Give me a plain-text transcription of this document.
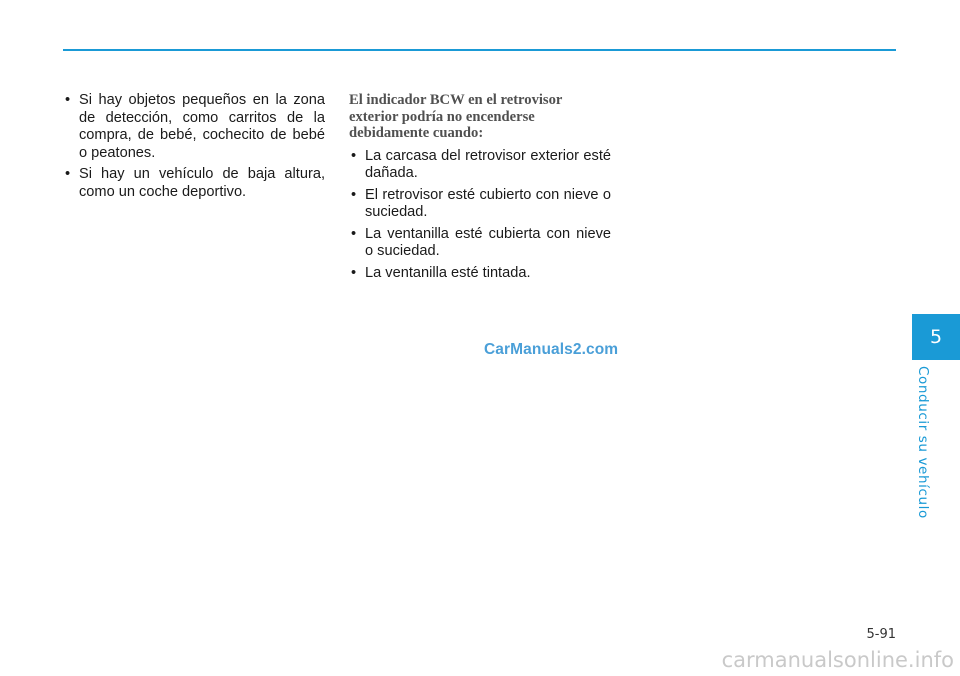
• Si hay objetos pequeños en la zona de detección, como carritos de la compra, de bebé, cochecito de bebé o peatones.
• Si hay un vehículo de baja altura, como un coche deportivo.
El indicador BCW en el retrovisor exterior podría no encenderse debidamente cuando:
• La carcasa del retrovisor exterior esté dañada.
• El retrovisor esté cubierto con nieve o suciedad.
• La ventanilla esté cubierta con nieve o suciedad.
• La ventanilla esté tintada.
CarManuals2.com
5
Conducir su vehículo
5-91
carmanualsonline.info
